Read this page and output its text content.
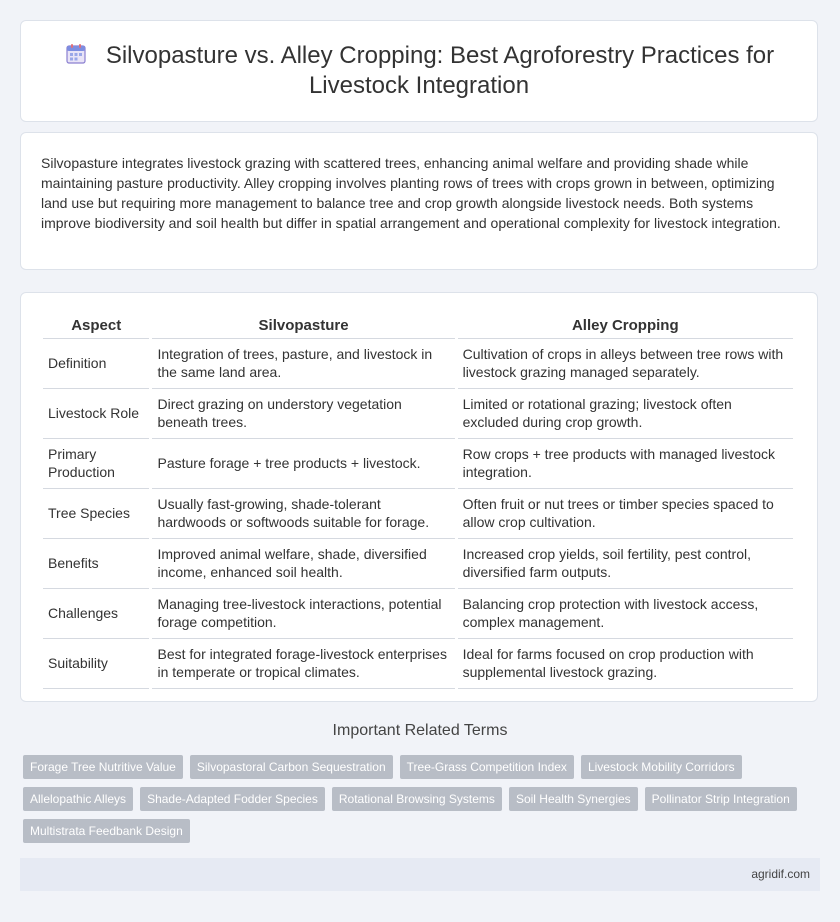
Silvopasture vs. Alley Cropping: Best Agroforestry Practices for Livestock Integration
Silvopasture integrates livestock grazing with scattered trees, enhancing animal welfare and providing shade while maintaining pasture productivity. Alley cropping involves planting rows of trees with crops grown in between, optimizing land use but requiring more management to balance tree and crop growth alongside livestock needs. Both systems improve biodiversity and soil health but differ in spatial arrangement and operational complexity for livestock integration.
Aspect	Silvopasture	Alley Cropping
Definition	Integration of trees, pasture, and livestock in the same land area.	Cultivation of crops in alleys between tree rows with livestock grazing managed separately.
Livestock Role	Direct grazing on understory vegetation beneath trees.	Limited or rotational grazing; livestock often excluded during crop growth.
Primary Production	Pasture forage + tree products + livestock.	Row crops + tree products with managed livestock integration.
Tree Species	Usually fast-growing, shade-tolerant hardwoods or softwoods suitable for forage.	Often fruit or nut trees or timber species spaced to allow crop cultivation.
Benefits	Improved animal welfare, shade, diversified income, enhanced soil health.	Increased crop yields, soil fertility, pest control, diversified farm outputs.
Challenges	Managing tree-livestock interactions, potential forage competition.	Balancing crop protection with livestock access, complex management.
Suitability	Best for integrated forage-livestock enterprises in temperate or tropical climates.	Ideal for farms focused on crop production with supplemental livestock grazing.
Important Related Terms
Forage Tree Nutritive Value	Silvopastoral Carbon Sequestration	Tree-Grass Competition Index	Livestock Mobility Corridors
Allelopathic Alleys	Shade-Adapted Fodder Species	Rotational Browsing Systems	Soil Health Synergies	Pollinator Strip Integration
Multistrata Feedbank Design
agridif.com
